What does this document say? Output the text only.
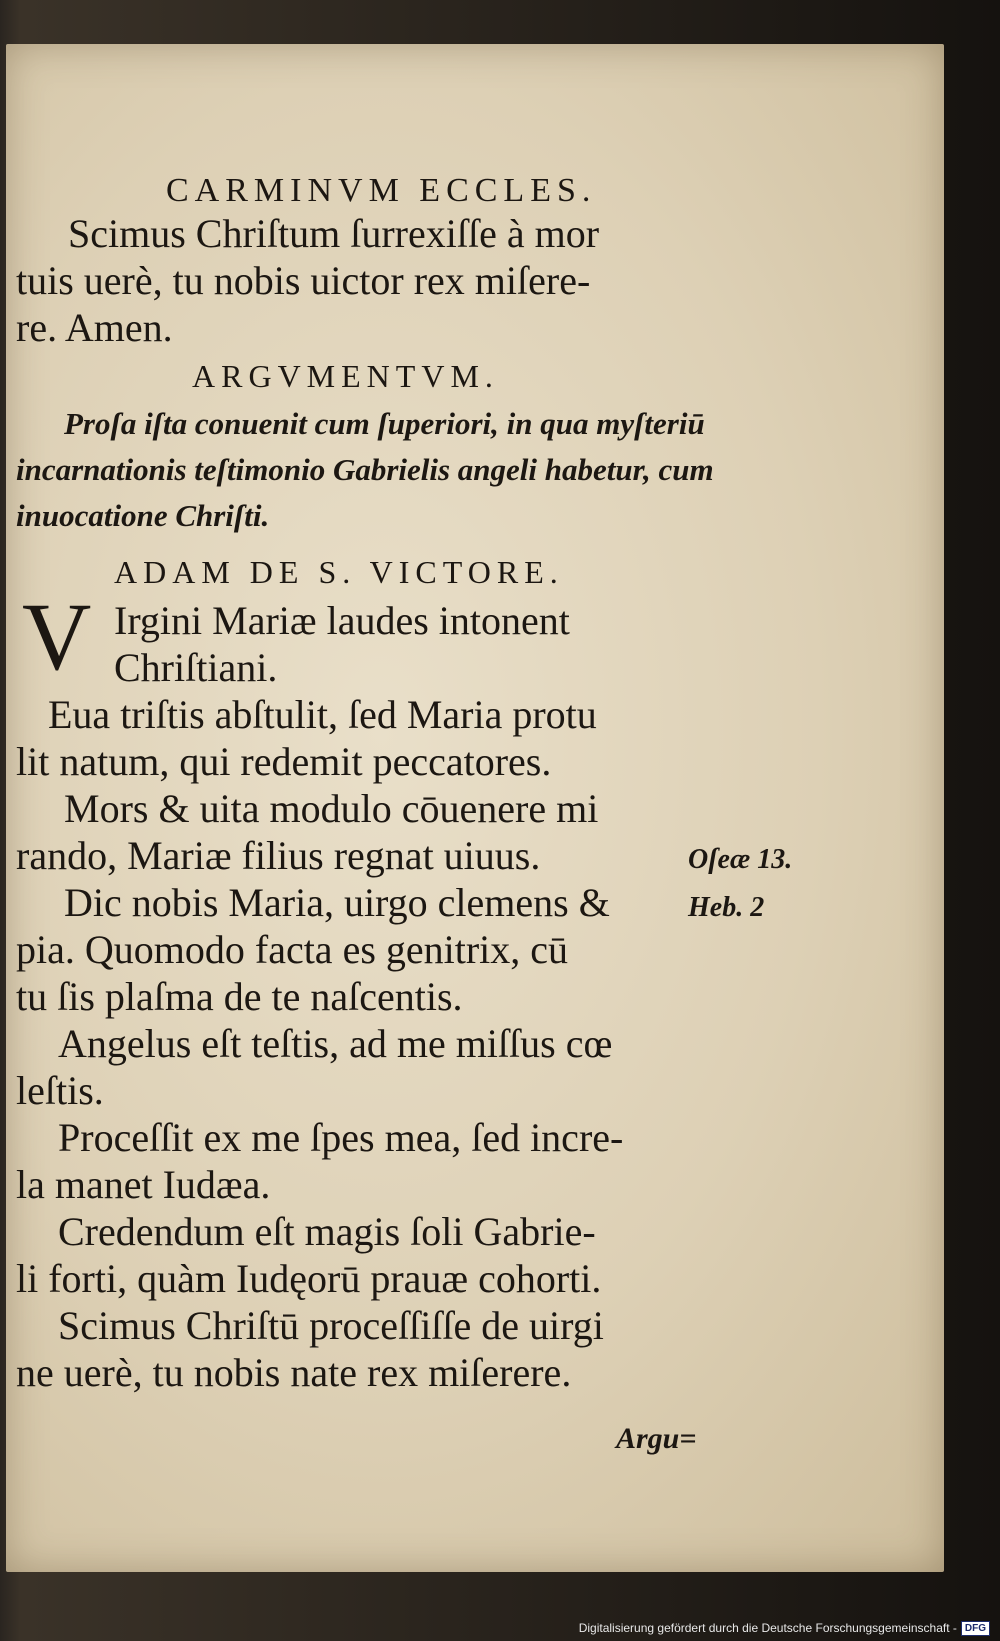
CARMINVM ECCLES.
Scimus Chriſtum ſurrexiſſe à mor
tuis uerè, tu nobis uictor rex miſere-
re. Amen.
ARGVMENTVM.
Proſa iſta conuenit cum ſuperiori, in qua myſteriū
incarnationis teſtimonio Gabrielis angeli habetur, cum
inuocatione Chriſti.
ADAM DE S. VICTORE.
V Irgini Mariæ laudes intonent
Chriſtiani.
Eua triſtis abſtulit, ſed Maria protu
lit natum, qui redemit peccatores.
Mors & uita modulo cōuenere mi
rando, Mariæ filius regnat uiuus.
Dic nobis Maria, uirgo clemens &
pia. Quomodo facta es genitrix, cū
tu ſis plaſma de te naſcentis.
Angelus eſt teſtis, ad me miſſus cœ
leſtis.
Proceſſit ex me ſpes mea, ſed incre-
la manet Iudæa.
Credendum eſt magis ſoli Gabrie-
li forti, quàm Iudęorū prauæ cohorti.
Scimus Chriſtū proceſſiſſe de uirgi
ne uerè, tu nobis nate rex miſerere.
Oſeæ 13.
Heb. 2
Argu=
Digitalisierung gefördert durch die Deutsche Forschungsgemeinschaft - DFG
